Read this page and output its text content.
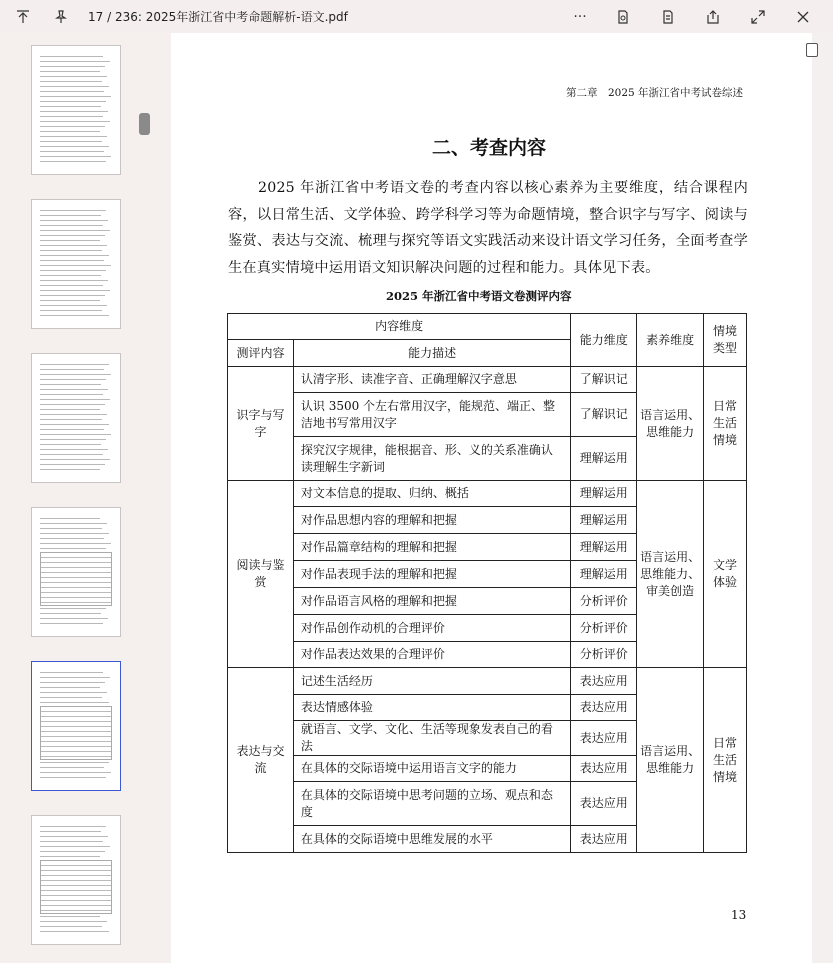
17 / 236: 2025年浙江省中考命题解析-语文.pdf	···
第二章　2025 年浙江省中考试卷综述
二、考查内容
2025 年浙江省中考语文卷的考查内容以核心素养为主要维度，结合课程内容，以日常生活、文学体验、跨学科学习等为命题情境，整合识字与写字、阅读与鉴赏、表达与交流、梳理与探究等语文实践活动来设计语文学习任务，全面考查学生在真实情境中运用语文知识解决问题的过程和能力。具体见下表。
2025 年浙江省中考语文卷测评内容
内容维度		能力维度	素养维度	情境类型
测评内容	能力描述			
识字与写字	认清字形、读准字音、正确理解汉字意思	了解识记	语言运用、思维能力	日常生活情境
	认识 3500 个左右常用汉字，能规范、端正、整洁地书写常用汉字	了解识记		
	探究汉字规律，能根据音、形、义的关系准确认读理解生字新词	理解运用		
阅读与鉴赏	对文本信息的提取、归纳、概括	理解运用	语言运用、思维能力、审美创造	文学体验
	对作品思想内容的理解和把握	理解运用		
	对作品篇章结构的理解和把握	理解运用		
	对作品表现手法的理解和把握	理解运用		
	对作品语言风格的理解和把握	分析评价		
	对作品创作动机的合理评价	分析评价		
	对作品表达效果的合理评价	分析评价		
表达与交流	记述生活经历	表达应用	语言运用、思维能力	日常生活情境
	表达情感体验	表达应用		
	就语言、文学、文化、生活等现象发表自己的看法	表达应用		
	在具体的交际语境中运用语言文字的能力	表达应用		
	在具体的交际语境中思考问题的立场、观点和态度	表达应用		
	在具体的交际语境中思维发展的水平	表达应用		
13
